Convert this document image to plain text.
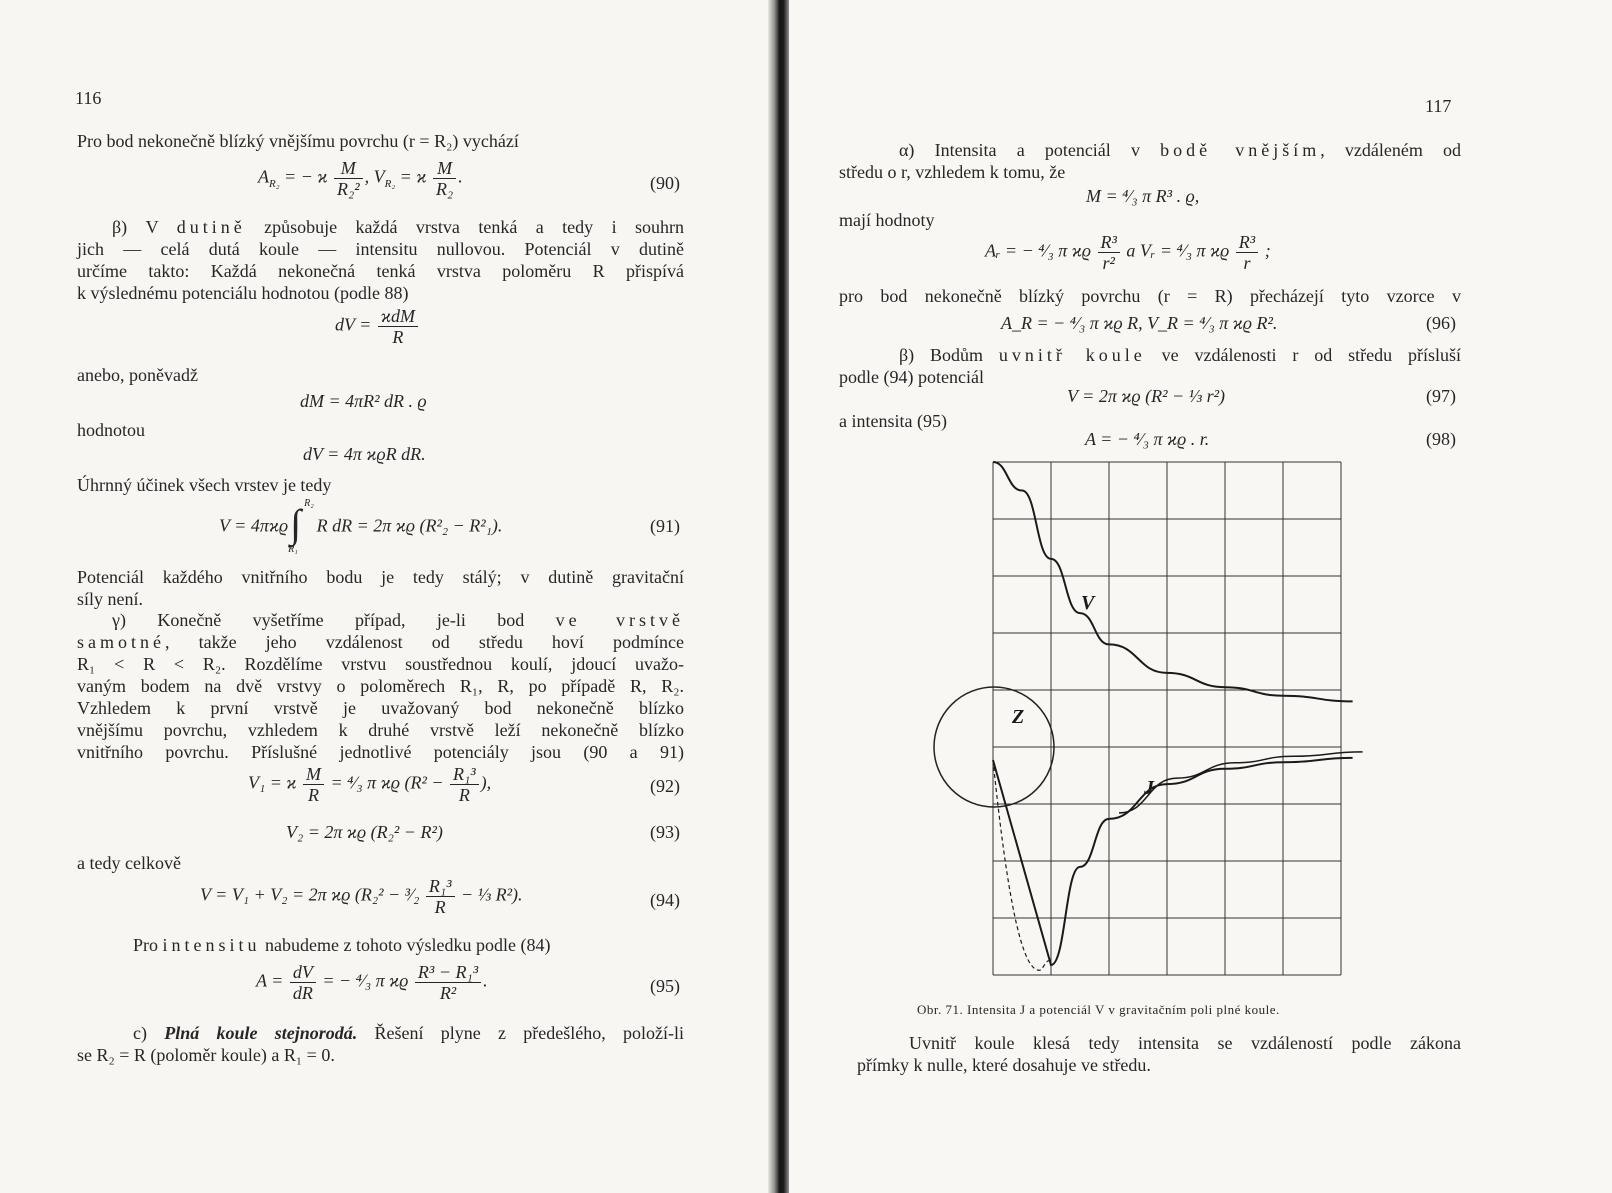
116
Pro bod nekonečně blízký vnějšímu povrchu (r = R₂) vychází
$A_{R_2}$ = − ϰ $\frac{M}{\text{R₂²}}$ , $V_{R_2} = ϰ \frac{M}{\text{R₂}}$ .	(90)
β) V dutině způsobuje každá vrstva tenká a tedy i souhrn
jich — celá dutá koule — intensitu nullovou. Potenciál v dutině
určíme takto: Každá nekonečná tenká vrstva poloměru R přispívá
k výslednému potenciálu hodnotou (podle 88)
dV = $\frac{\text{ϰdM}}{R}$
anebo, poněvadž
dM = 4πR² dR . ϱ
hodnotou
dV = 4π ϰϱR dR.
Úhrnný účinek všech vrstev je tedy
V = 4πϰϱ ∫ R₂
R₁
R dR = 2π ϰϱ (R²₂ − R²₁).	(91)
Potenciál každého vnitřního bodu je tedy stálý; v dutině gravitační
síly není.
γ) Konečně vyšetříme případ, je-li bod ve vrstvě
samotné, takže jeho vzdálenost od středu hoví podmínce
R₁ < R < R₂. Rozdělíme vrstvu soustřednou koulí, jdoucí uvažo-
vaným bodem na dvě vrstvy o poloměrech R₁, R, po případě R, R₂.
Vzhledem k první vrstvě je uvažovaný bod nekonečně blízko
vnějšímu povrchu, vzhledem k druhé vrstvě leží nekonečně blízko
vnitřního povrchu. Příslušné jednotlivé potenciály jsou (90 a 91)
V₁ = ϰ $\frac{M}{R}$ = ⁴⁄₃ π ϰϱ ($R^2 - \frac{\text{R₁³}}{R}$ ),	(92)
V₂ = 2π ϰϱ (R₂² − R²)	(93)
a tedy celkově
V = V₁ + V₂ = 2π ϰϱ (R₂² − ³⁄₂ $\frac{\text{R₁³}}{R}$ − ⅓ R²).	(94)
Pro intensitu nabudeme z tohoto výsledku podle (84)
$A = \frac{dV}{dR}$ = − ⁴⁄₃ π ϰϱ $\frac{\text{R³ − R₁³}}{\text{R²}}$ .	(95)
c) Plná koule stejnorodá. Řešení plyne z předešlého, položí-li
se R₂ = R (poloměr koule) a R₁ = 0.
117
α) Intensita a potenciál v bodě vnějším, vzdáleném od
středu o r, vzhledem k tomu, že
M = ⁴⁄₃ π R³ . ϱ,
mají hodnoty
Aᵣ = − ⁴⁄₃ π ϰϱ $\frac{\text{R³}}{\text{r²}}$ a Vᵣ = ⁴⁄₃ π ϰϱ $\frac{\text{R³}}{r}$ ;
pro bod nekonečně blízký povrchu (r = R) přecházejí tyto vzorce v
A_R = − ⁴⁄₃ π ϰϱ R, V_R = ⁴⁄₃ π ϰϱ R².	(96)
β) Bodům uvnitř koule ve vzdálenosti r od středu přísluší
podle (94) potenciál
V = 2π ϰϱ (R² − ⅓ r²)	(97)
a intensita (95)
A = − ⁴⁄₃ π ϰϱ . r.	(98)
V
J
Z
Obr. 71. Intensita J a potenciál V v gravitačním poli plné koule.
Uvnitř koule klesá tedy intensita se vzdáleností podle zákona
přímky k nulle, které dosahuje ve středu.
